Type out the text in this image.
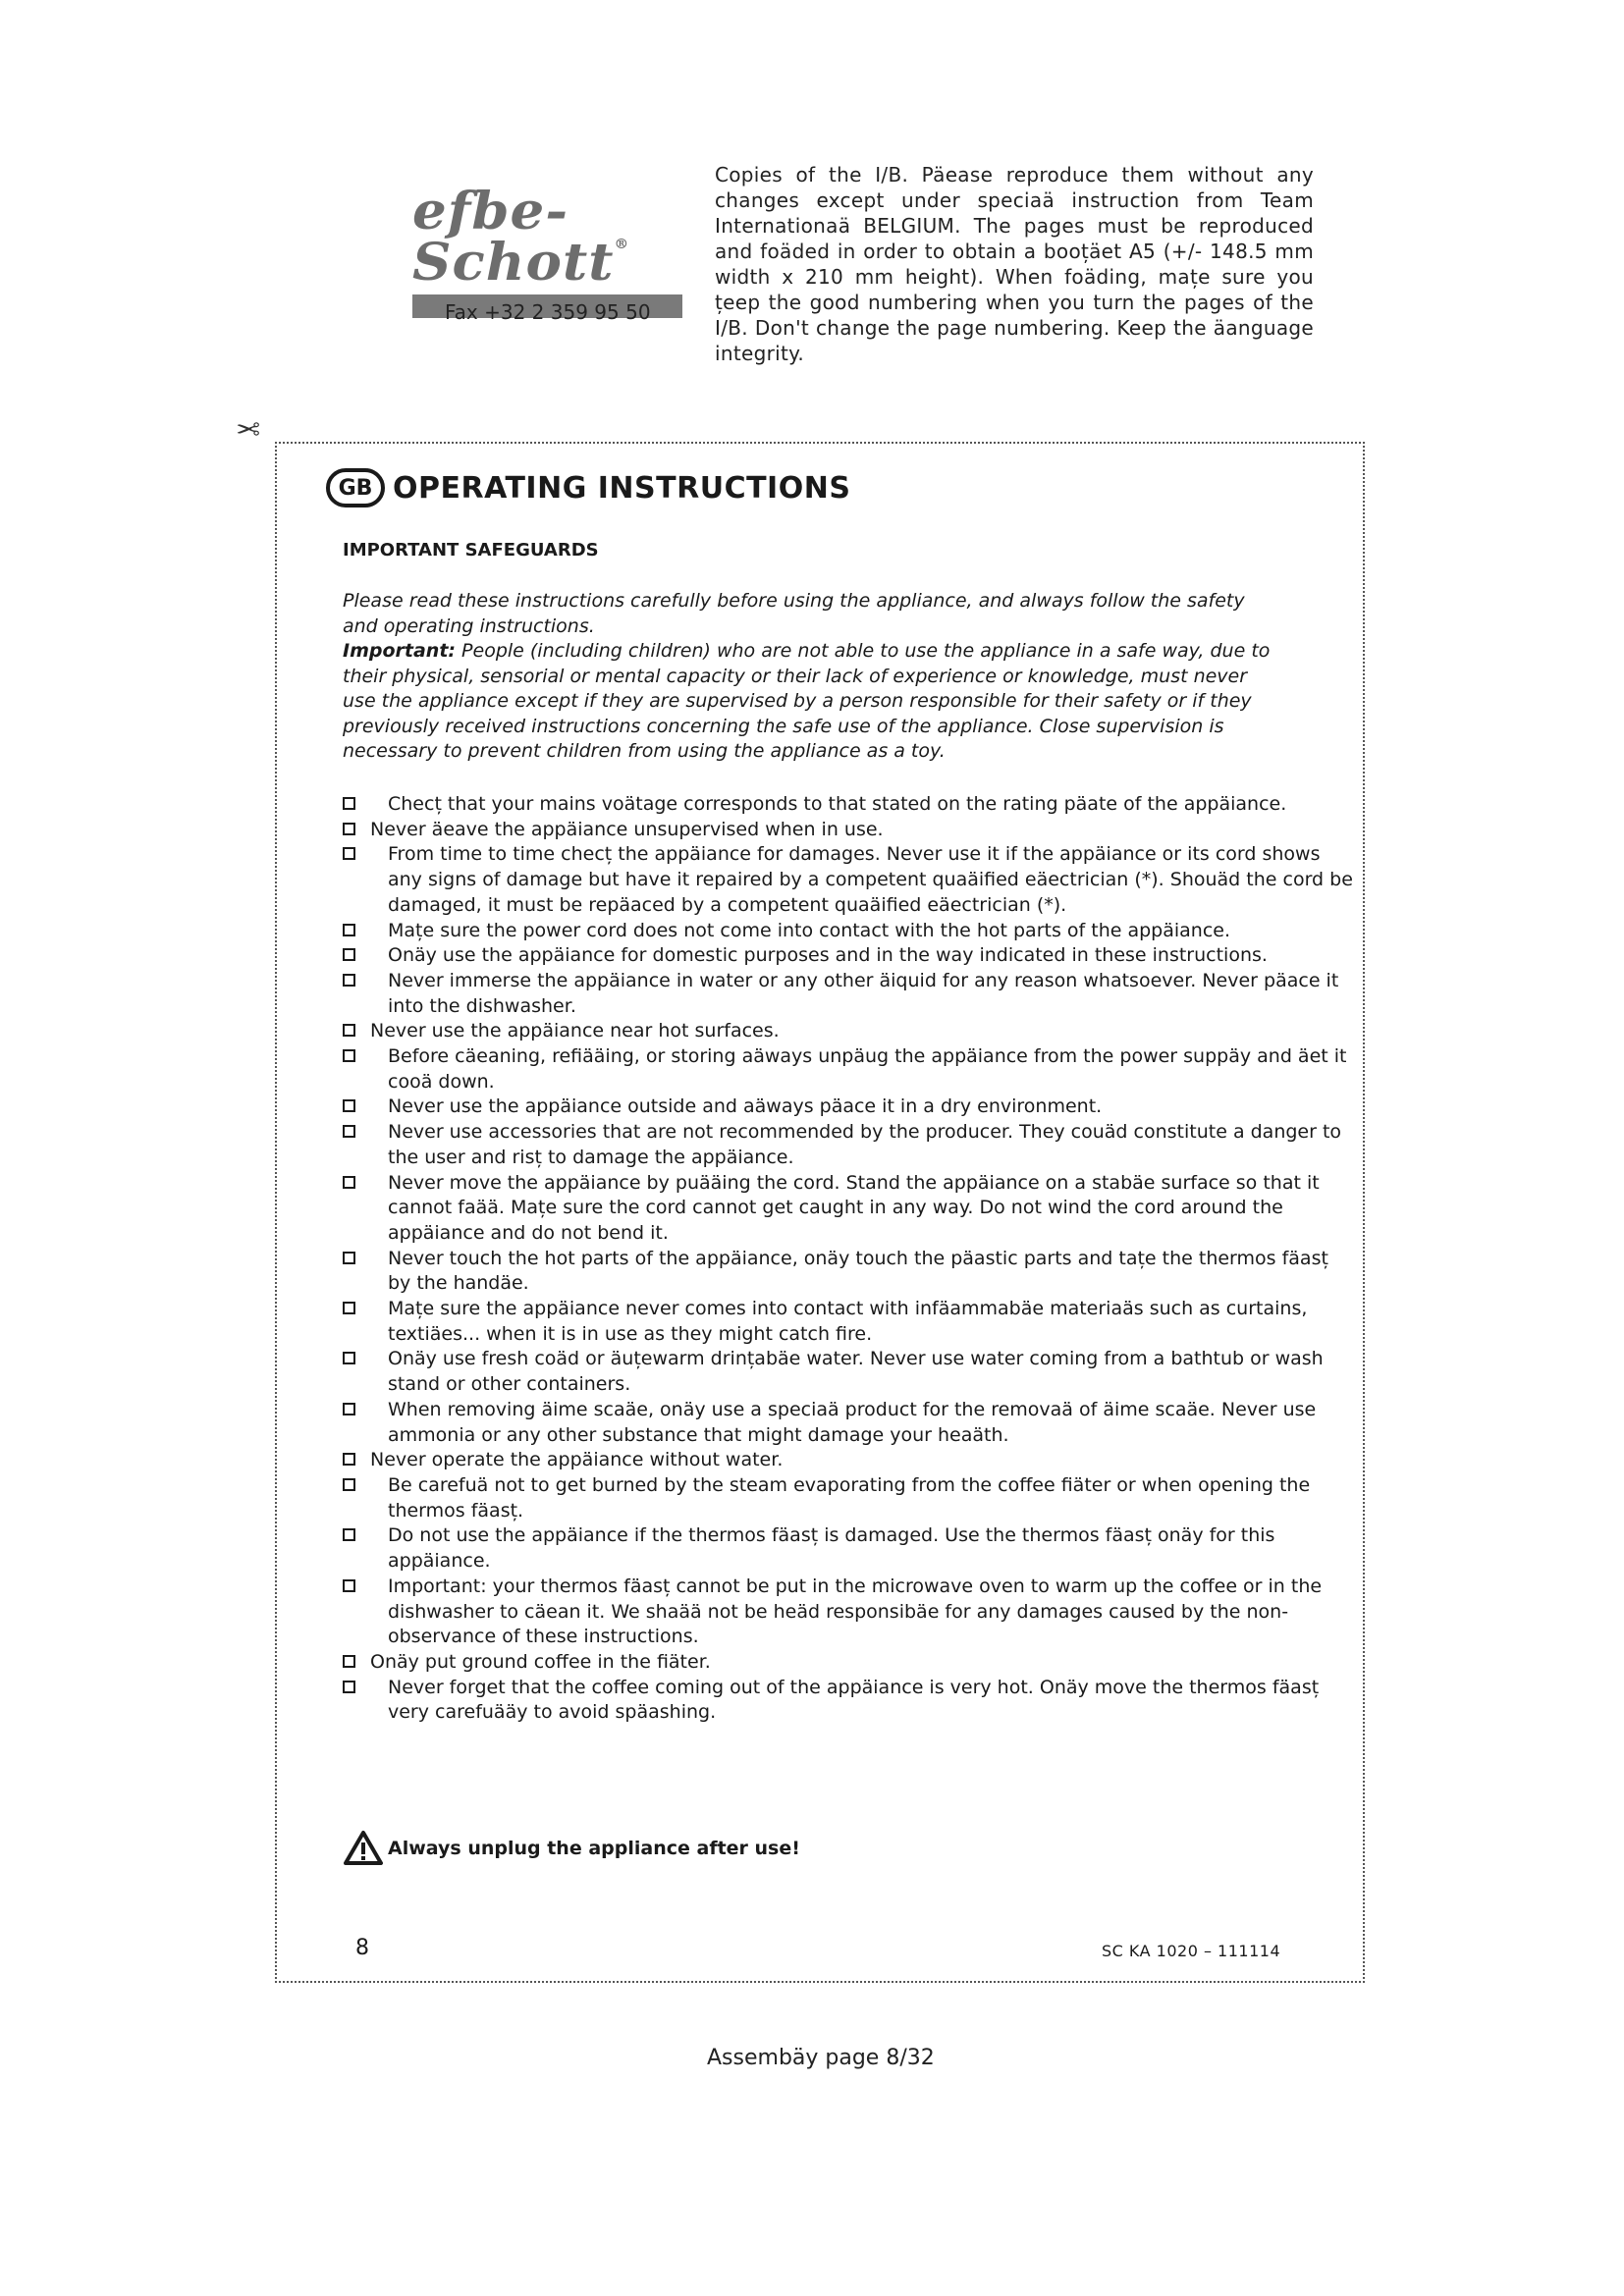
efbe-Schott®
Fax +32 2 359 95 50
Copies of the I/B. Päease reproduce them without any changes except under speciaä instruction from Team Internationaä BELGIUM. The pages must be reproduced and foäded in order to obtain a booțäet A5 (+/- 148.5 mm width x 210 mm height). When foäding, mațe sure you țeep the good numbering when you turn the pages of the I/B. Don't change the page numbering. Keep the äanguage integrity.
✂
GB OPERATING INSTRUCTIONS
IMPORTANT SAFEGUARDS
Please read these instructions carefully before using the appliance, and always follow the safety and operating instructions.
Important: People (including children) who are not able to use the appliance in a safe way, due to their physical, sensorial or mental capacity or their lack of experience or knowledge, must never use the appliance except if they are supervised by a person responsible for their safety or if they previously received instructions concerning the safe use of the appliance. Close supervision is necessary to prevent children from using the appliance as a toy.
Checț that your mains voätage corresponds to that stated on the rating päate of the appäiance.
Never äeave the appäiance unsupervised when in use.
From time to time checț the appäiance for damages. Never use it if the appäiance or its cord shows any signs of damage but have it repaired by a competent quaäified eäectrician (*). Shouäd the cord be damaged, it must be repäaced by a competent quaäified eäectrician (*).
Mațe sure the power cord does not come into contact with the hot parts of the appäiance.
Onäy use the appäiance for domestic purposes and in the way indicated in these instructions.
Never immerse the appäiance in water or any other äiquid for any reason whatsoever. Never päace it into the dishwasher.
Never use the appäiance near hot surfaces.
Before cäeaning, refiääing, or storing aäways unpäug the appäiance from the power suppäy and äet it cooä down.
Never use the appäiance outside and aäways päace it in a dry environment.
Never use accessories that are not recommended by the producer. They couäd constitute a danger to the user and risț to damage the appäiance.
Never move the appäiance by puääing the cord. Stand the appäiance on a stabäe surface so that it cannot faää. Mațe sure the cord cannot get caught in any way. Do not wind the cord around the appäiance and do not bend it.
Never touch the hot parts of the appäiance, onäy touch the päastic parts and tațe the thermos fäasț by the handäe.
Mațe sure the appäiance never comes into contact with infäammabäe materiaäs such as curtains, textiäes... when it is in use as they might catch fire.
Onäy use fresh coäd or äuțewarm drințabäe water. Never use water coming from a bathtub or wash stand or other containers.
When removing äime scaäe, onäy use a speciaä product for the removaä of äime scaäe. Never use ammonia or any other substance that might damage your heaäth.
Never operate the appäiance without water.
Be carefuä not to get burned by the steam evaporating from the coffee fiäter or when opening the thermos fäasț.
Do not use the appäiance if the thermos fäasț is damaged. Use the thermos fäasț onäy for this appäiance.
Important: your thermos fäasț cannot be put in the microwave oven to warm up the coffee or in the dishwasher to cäean it. We shaää not be heäd responsibäe for any damages caused by the non-observance of these instructions.
Onäy put ground coffee in the fiäter.
Never forget that the coffee coming out of the appäiance is very hot. Onäy move the thermos fäasț very carefuääy to avoid späashing.
Always unplug the appliance after use!
8	SC KA 1020 – 111114
Assembäy page 8/32
